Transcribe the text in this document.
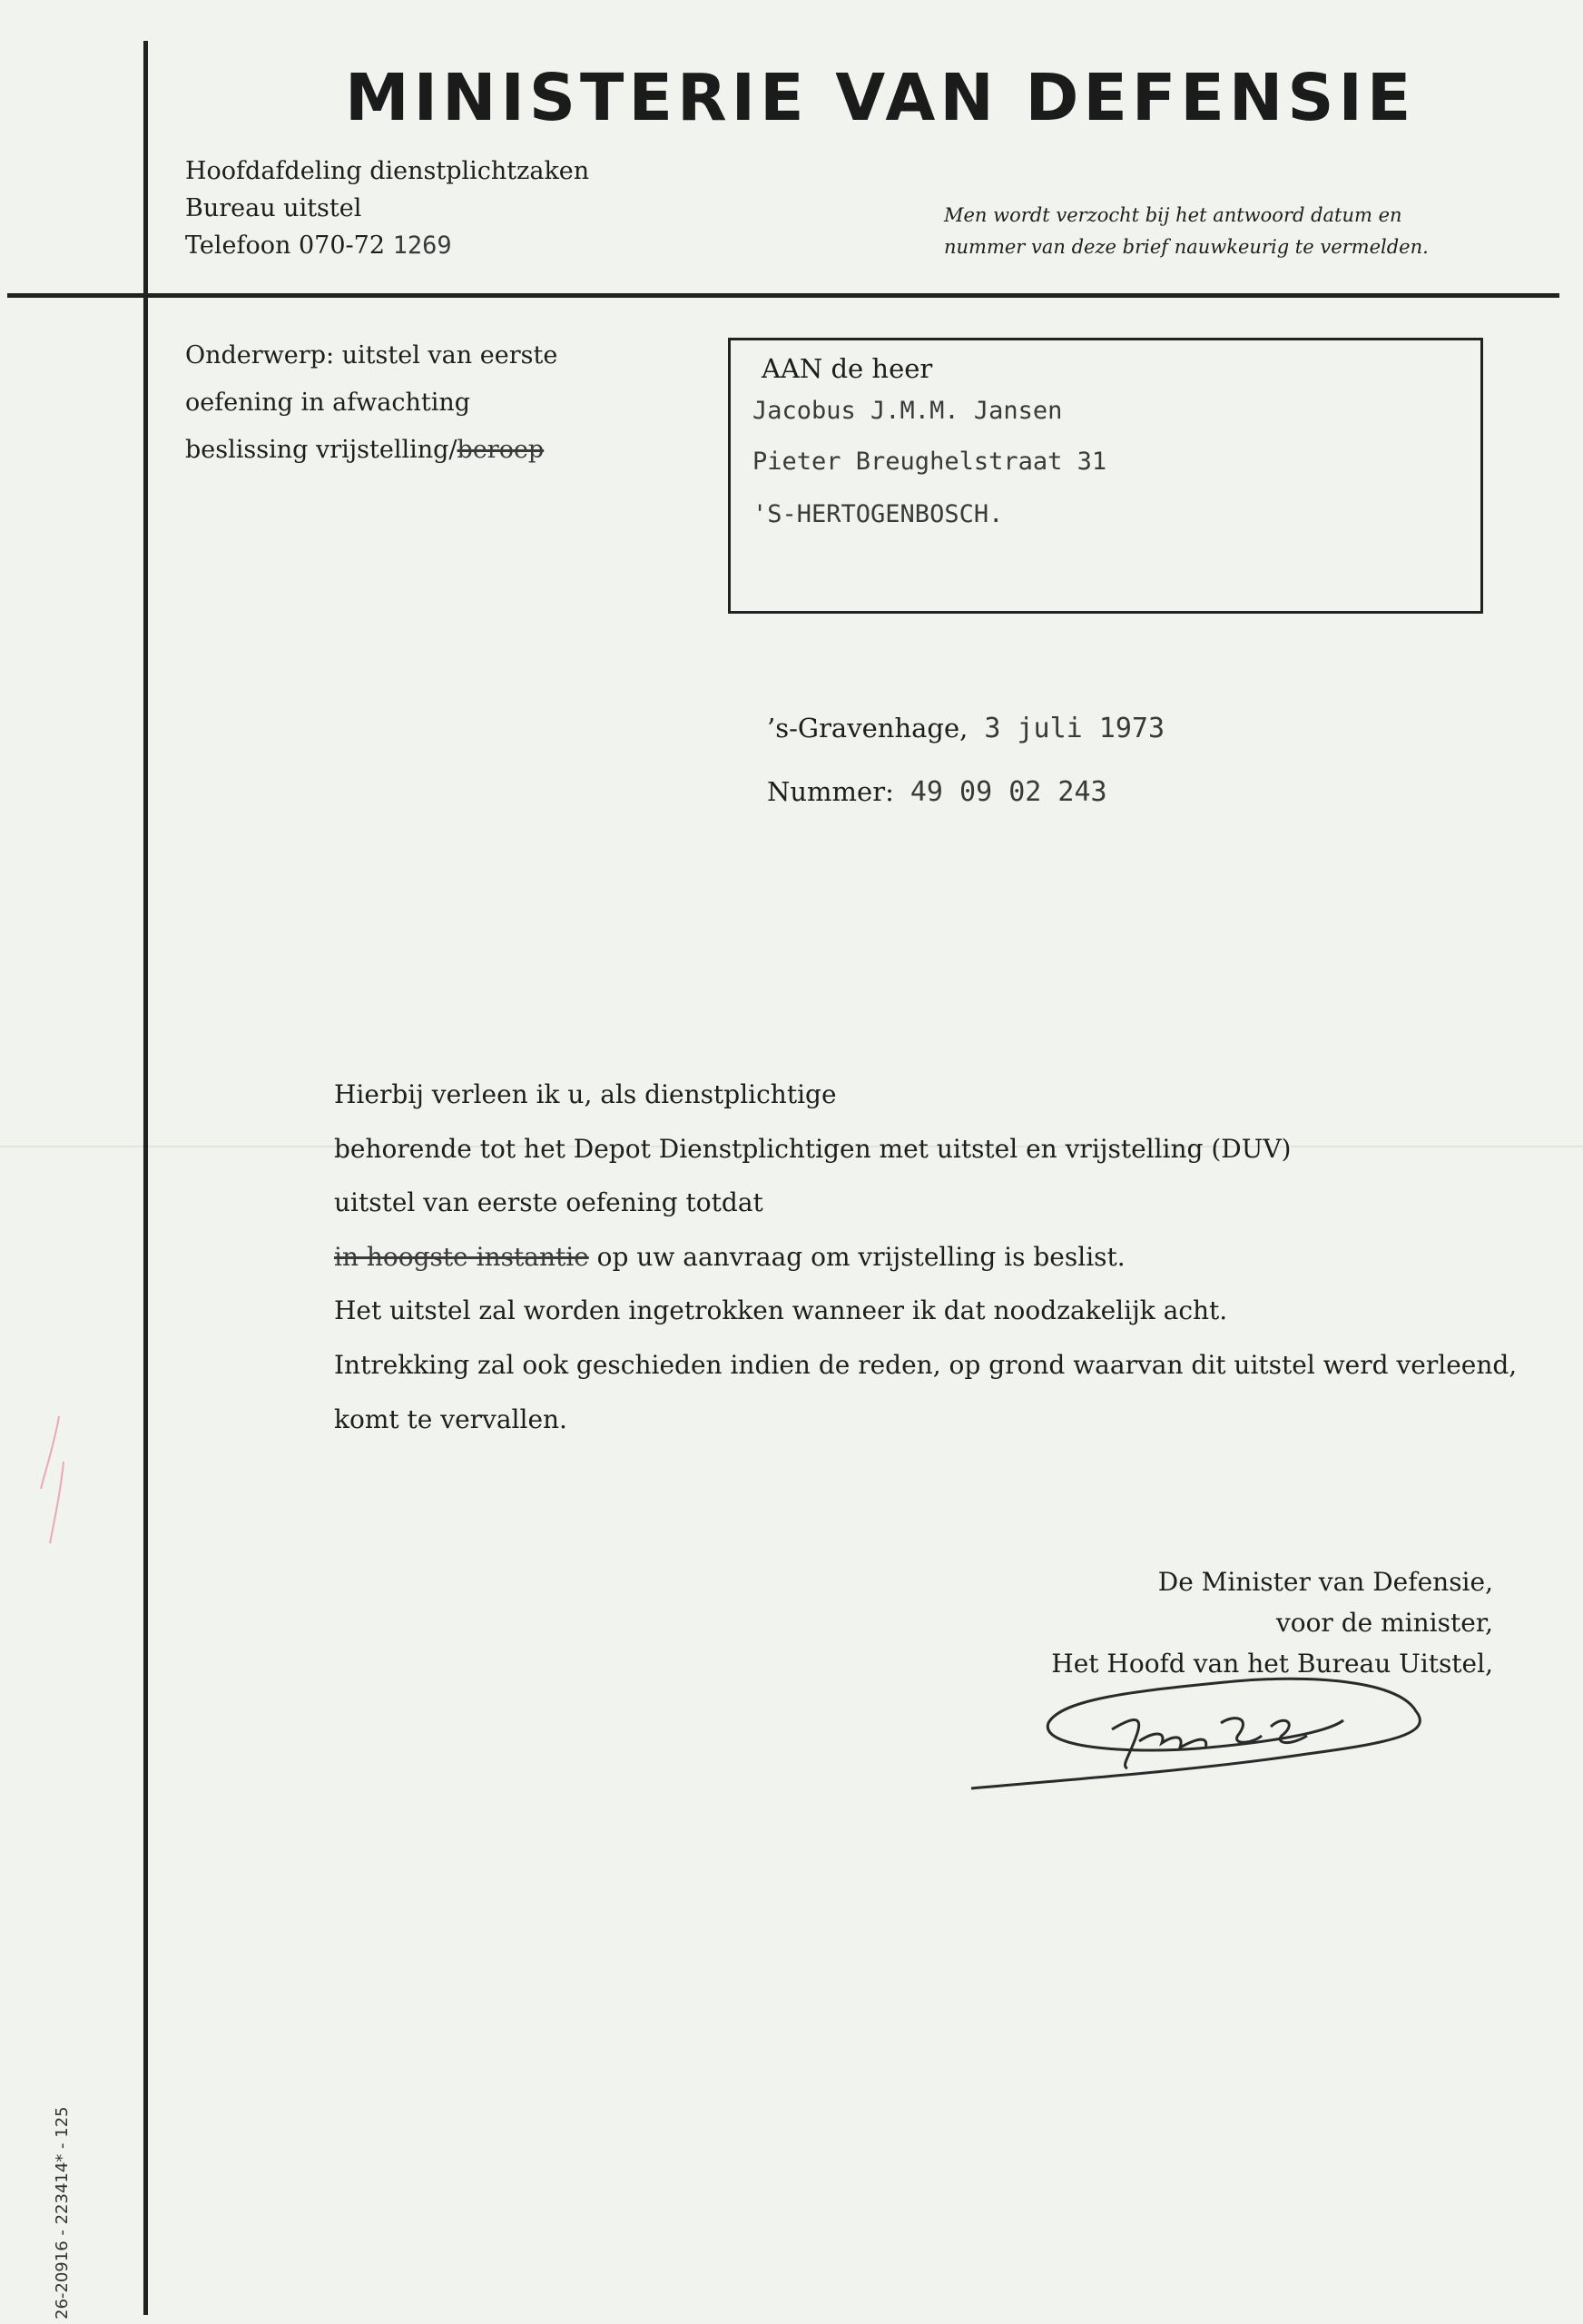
MINISTERIE VAN DEFENSIE
Hoofdafdeling dienstplichtzaken
Bureau uitstel
Telefoon 070-72 1269
Men wordt verzocht bij het antwoord datum en
nummer van deze brief nauwkeurig te vermelden.
Onderwerp: uitstel van eerste
oefening in afwachting
beslissing vrijstelling/beroep
AAN de heer
Jacobus J.M.M. Jansen
Pieter Breughelstraat 31
'S-HERTOGENBOSCH.
’s-Gravenhage, 3 juli 1973
Nummer: 49 09 02 243
Hierbij verleen ik u, als dienstplichtige
behorende tot het Depot Dienstplichtigen met uitstel en vrijstelling (DUV)
uitstel van eerste oefening totdat
in hoogste instantie op uw aanvraag om vrijstelling is beslist.
Het uitstel zal worden ingetrokken wanneer ik dat noodzakelijk acht.
Intrekking zal ook geschieden indien de reden, op grond waarvan dit uitstel werd verleend,
komt te vervallen.
De Minister van Defensie,
voor de minister,
Het Hoofd van het Bureau Uitstel,
26-20916 - 223414* - 125
